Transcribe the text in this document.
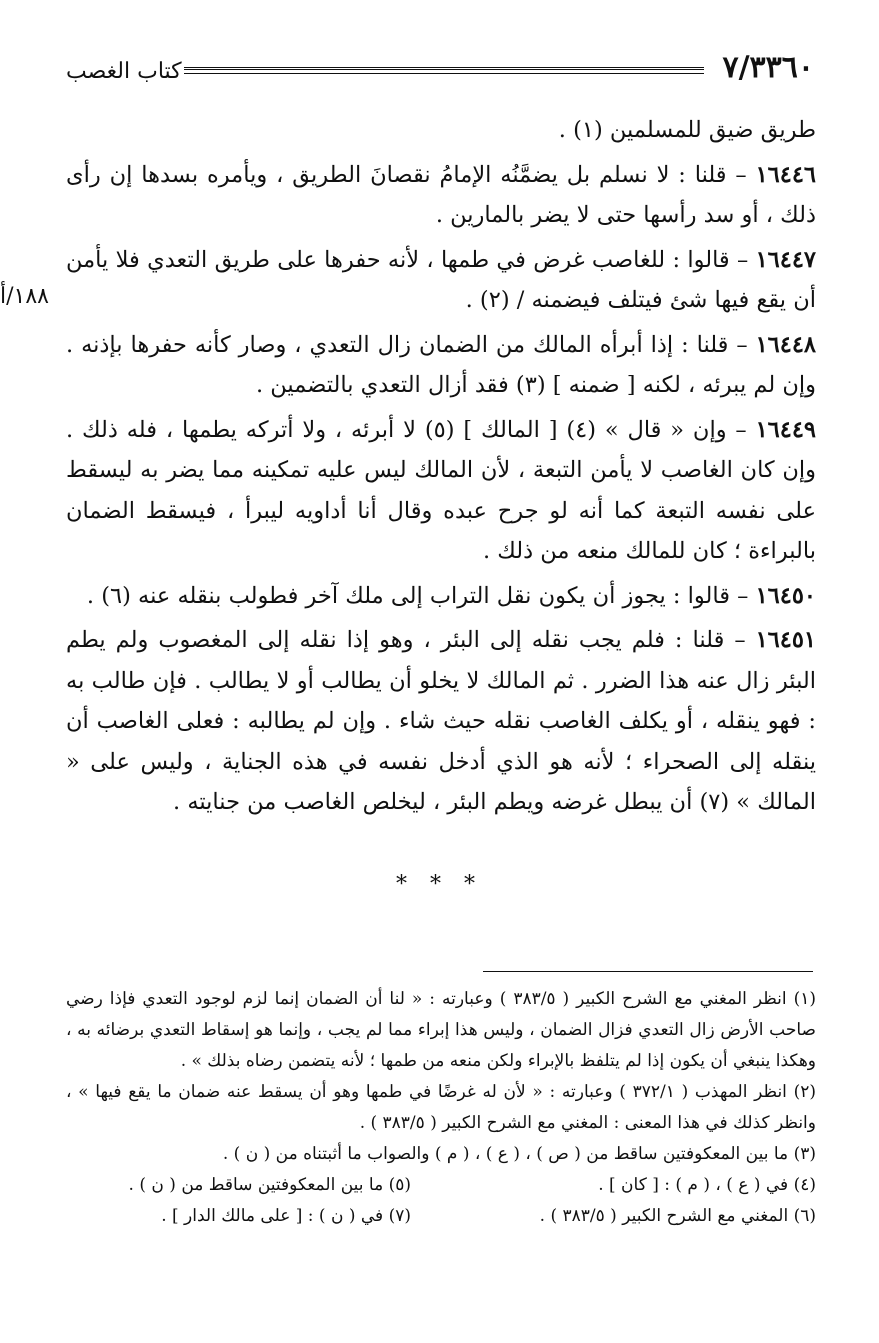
٧/٣٣٦٠
كتاب الغصب
١٨٨/أ

طريق ضيق للمسلمين (١) .

١٦٤٤٦ – قلنا : لا نسلم بل يضمَّنُه الإمامُ نقصانَ الطريق ، ويأمره بسدها إن رأى ذلك ، أو سد رأسها حتى لا يضر بالمارين .

١٦٤٤٧ – قالوا : للغاصب غرض في طمها ، لأنه حفرها على طريق التعدي فلا يأمن أن يقع فيها شئ فيتلف فيضمنه / (٢) .

١٦٤٤٨ – قلنا : إذا أبرأه المالك من الضمان زال التعدي ، وصار كأنه حفرها بإذنه . وإن لم يبرئه ، لكنه [ ضمنه ] (٣) فقد أزال التعدي بالتضمين .

١٦٤٤٩ – وإن « قال » (٤) [ المالك ] (٥) لا أبرئه ، ولا أتركه يطمها ، فله ذلك . وإن كان الغاصب لا يأمن التبعة ، لأن المالك ليس عليه تمكينه مما يضر به ليسقط على نفسه التبعة كما أنه لو جرح عبده وقال أنا أداويه ليبرأ ، فيسقط الضمان بالبراءة ؛ كان للمالك منعه من ذلك .

١٦٤٥٠ – قالوا : يجوز أن يكون نقل التراب إلى ملك آخر فطولب بنقله عنه (٦) .

١٦٤٥١ – قلنا : فلم يجب نقله إلى البئر ، وهو إذا نقله إلى المغصوب ولم يطم البئر زال عنه هذا الضرر . ثم المالك لا يخلو أن يطالب أو لا يطالب . فإن طالب به : فهو ينقله ، أو يكلف الغاصب نقله حيث شاء . وإن لم يطالبه : فعلى الغاصب أن ينقله إلى الصحراء ؛ لأنه هو الذي أدخل نفسه في هذه الجناية ، وليس على « المالك » (٧) أن يبطل غرضه ويطم البئر ، ليخلص الغاصب من جنايته .

* * *

(١) انظر المغني مع الشرح الكبير ( ٣٨٣/٥ ) وعبارته : « لنا أن الضمان إنما لزم لوجود التعدي فإذا رضي صاحب الأرض زال التعدي فزال الضمان ، وليس هذا إبراء مما لم يجب ، وإنما هو إسقاط التعدي برضائه به ، وهكذا ينبغي أن يكون إذا لم يتلفظ بالإبراء ولكن منعه من طمها ؛ لأنه يتضمن رضاه بذلك » .

(٢) انظر المهذب ( ٣٧٢/١ ) وعبارته : « لأن له غرضًا في طمها وهو أن يسقط عنه ضمان ما يقع فيها » ، وانظر كذلك في هذا المعنى : المغني مع الشرح الكبير ( ٣٨٣/٥ ) .

(٣) ما بين المعكوفتين ساقط من ( ص ) ، ( ع ) ، ( م ) والصواب ما أثبتناه من ( ن ) .

(٤) في ( ع ) ، ( م ) : [ كان ] .
(٥) ما بين المعكوفتين ساقط من ( ن ) .
(٦) المغني مع الشرح الكبير ( ٣٨٣/٥ ) .
(٧) في ( ن ) : [ على مالك الدار ] .
